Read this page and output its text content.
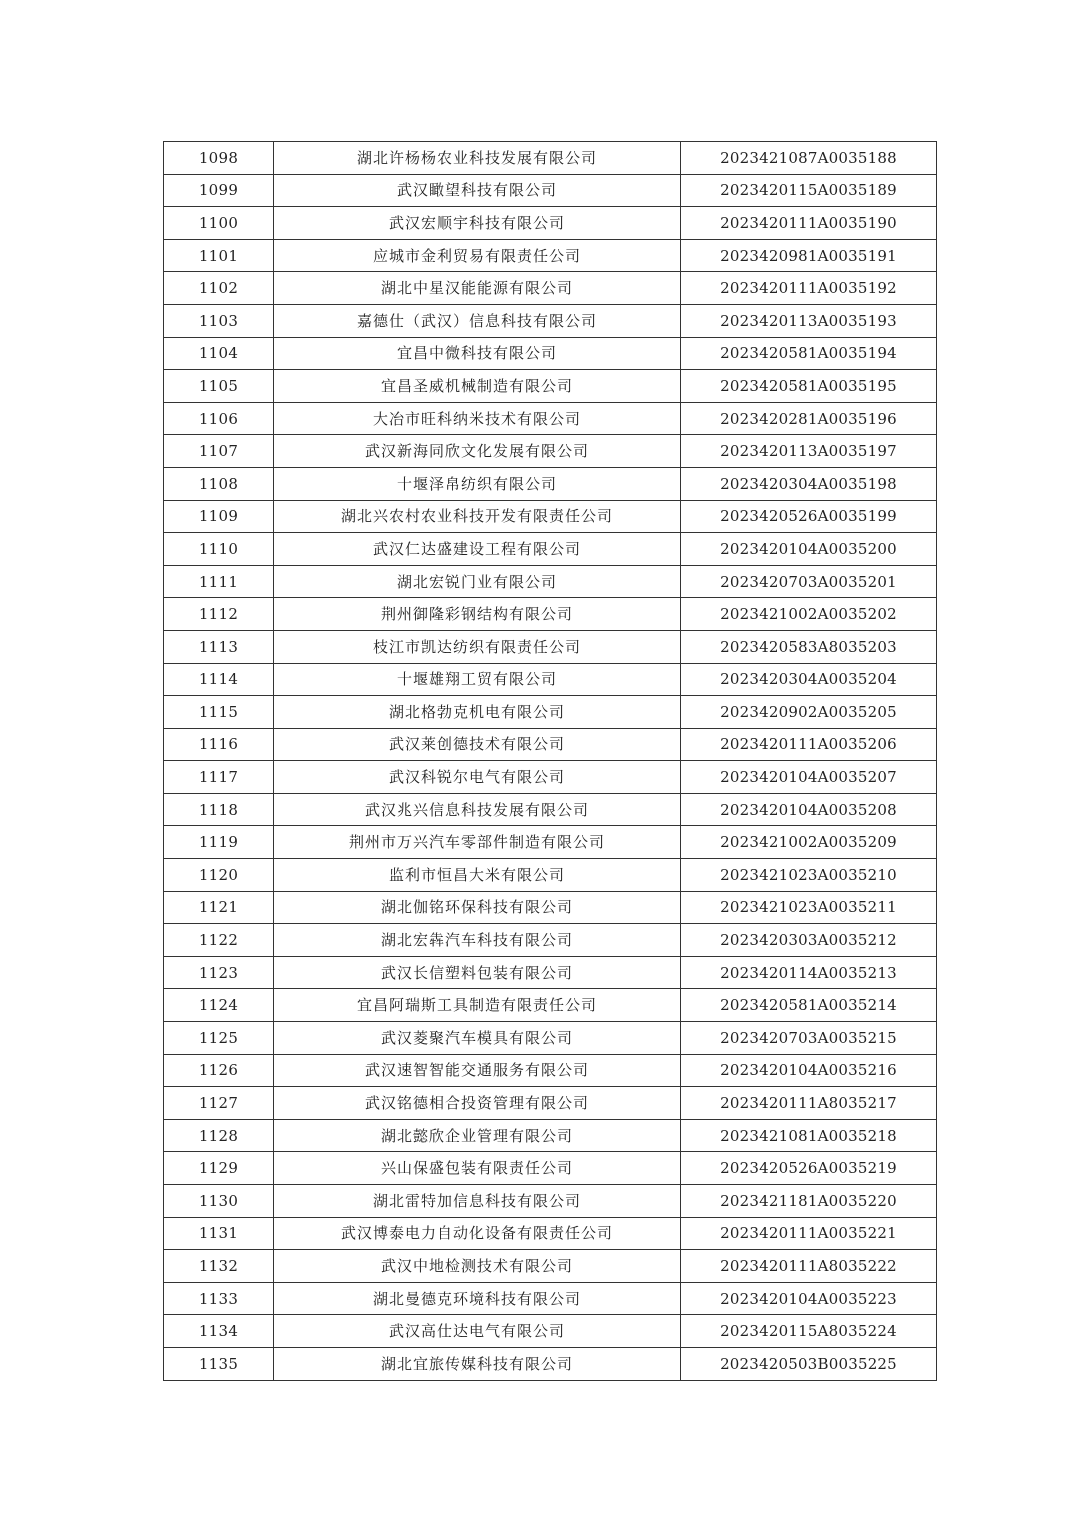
1098	湖北许杨杨农业科技发展有限公司	2023421087A0035188
1099	武汉瞰望科技有限公司	2023420115A0035189
1100	武汉宏顺宇科技有限公司	2023420111A0035190
1101	应城市金利贸易有限责任公司	2023420981A0035191
1102	湖北中星汉能能源有限公司	2023420111A0035192
1103	嘉德仕（武汉）信息科技有限公司	2023420113A0035193
1104	宜昌中微科技有限公司	2023420581A0035194
1105	宜昌圣威机械制造有限公司	2023420581A0035195
1106	大冶市旺科纳米技术有限公司	2023420281A0035196
1107	武汉新海同欣文化发展有限公司	2023420113A0035197
1108	十堰泽帛纺织有限公司	2023420304A0035198
1109	湖北兴农村农业科技开发有限责任公司	2023420526A0035199
1110	武汉仁达盛建设工程有限公司	2023420104A0035200
1111	湖北宏锐门业有限公司	2023420703A0035201
1112	荆州御隆彩钢结构有限公司	2023421002A0035202
1113	枝江市凯达纺织有限责任公司	2023420583A8035203
1114	十堰雄翔工贸有限公司	2023420304A0035204
1115	湖北格勃克机电有限公司	2023420902A0035205
1116	武汉莱创德技术有限公司	2023420111A0035206
1117	武汉科锐尔电气有限公司	2023420104A0035207
1118	武汉兆兴信息科技发展有限公司	2023420104A0035208
1119	荆州市万兴汽车零部件制造有限公司	2023421002A0035209
1120	监利市恒昌大米有限公司	2023421023A0035210
1121	湖北伽铭环保科技有限公司	2023421023A0035211
1122	湖北宏犇汽车科技有限公司	2023420303A0035212
1123	武汉长信塑料包装有限公司	2023420114A0035213
1124	宜昌阿瑞斯工具制造有限责任公司	2023420581A0035214
1125	武汉菱聚汽车模具有限公司	2023420703A0035215
1126	武汉速智智能交通服务有限公司	2023420104A0035216
1127	武汉铭德相合投资管理有限公司	2023420111A8035217
1128	湖北懿欣企业管理有限公司	2023421081A0035218
1129	兴山保盛包装有限责任公司	2023420526A0035219
1130	湖北雷特加信息科技有限公司	2023421181A0035220
1131	武汉博泰电力自动化设备有限责任公司	2023420111A0035221
1132	武汉中地检测技术有限公司	2023420111A8035222
1133	湖北曼德克环境科技有限公司	2023420104A0035223
1134	武汉高仕达电气有限公司	2023420115A8035224
1135	湖北宜旅传媒科技有限公司	2023420503B0035225
